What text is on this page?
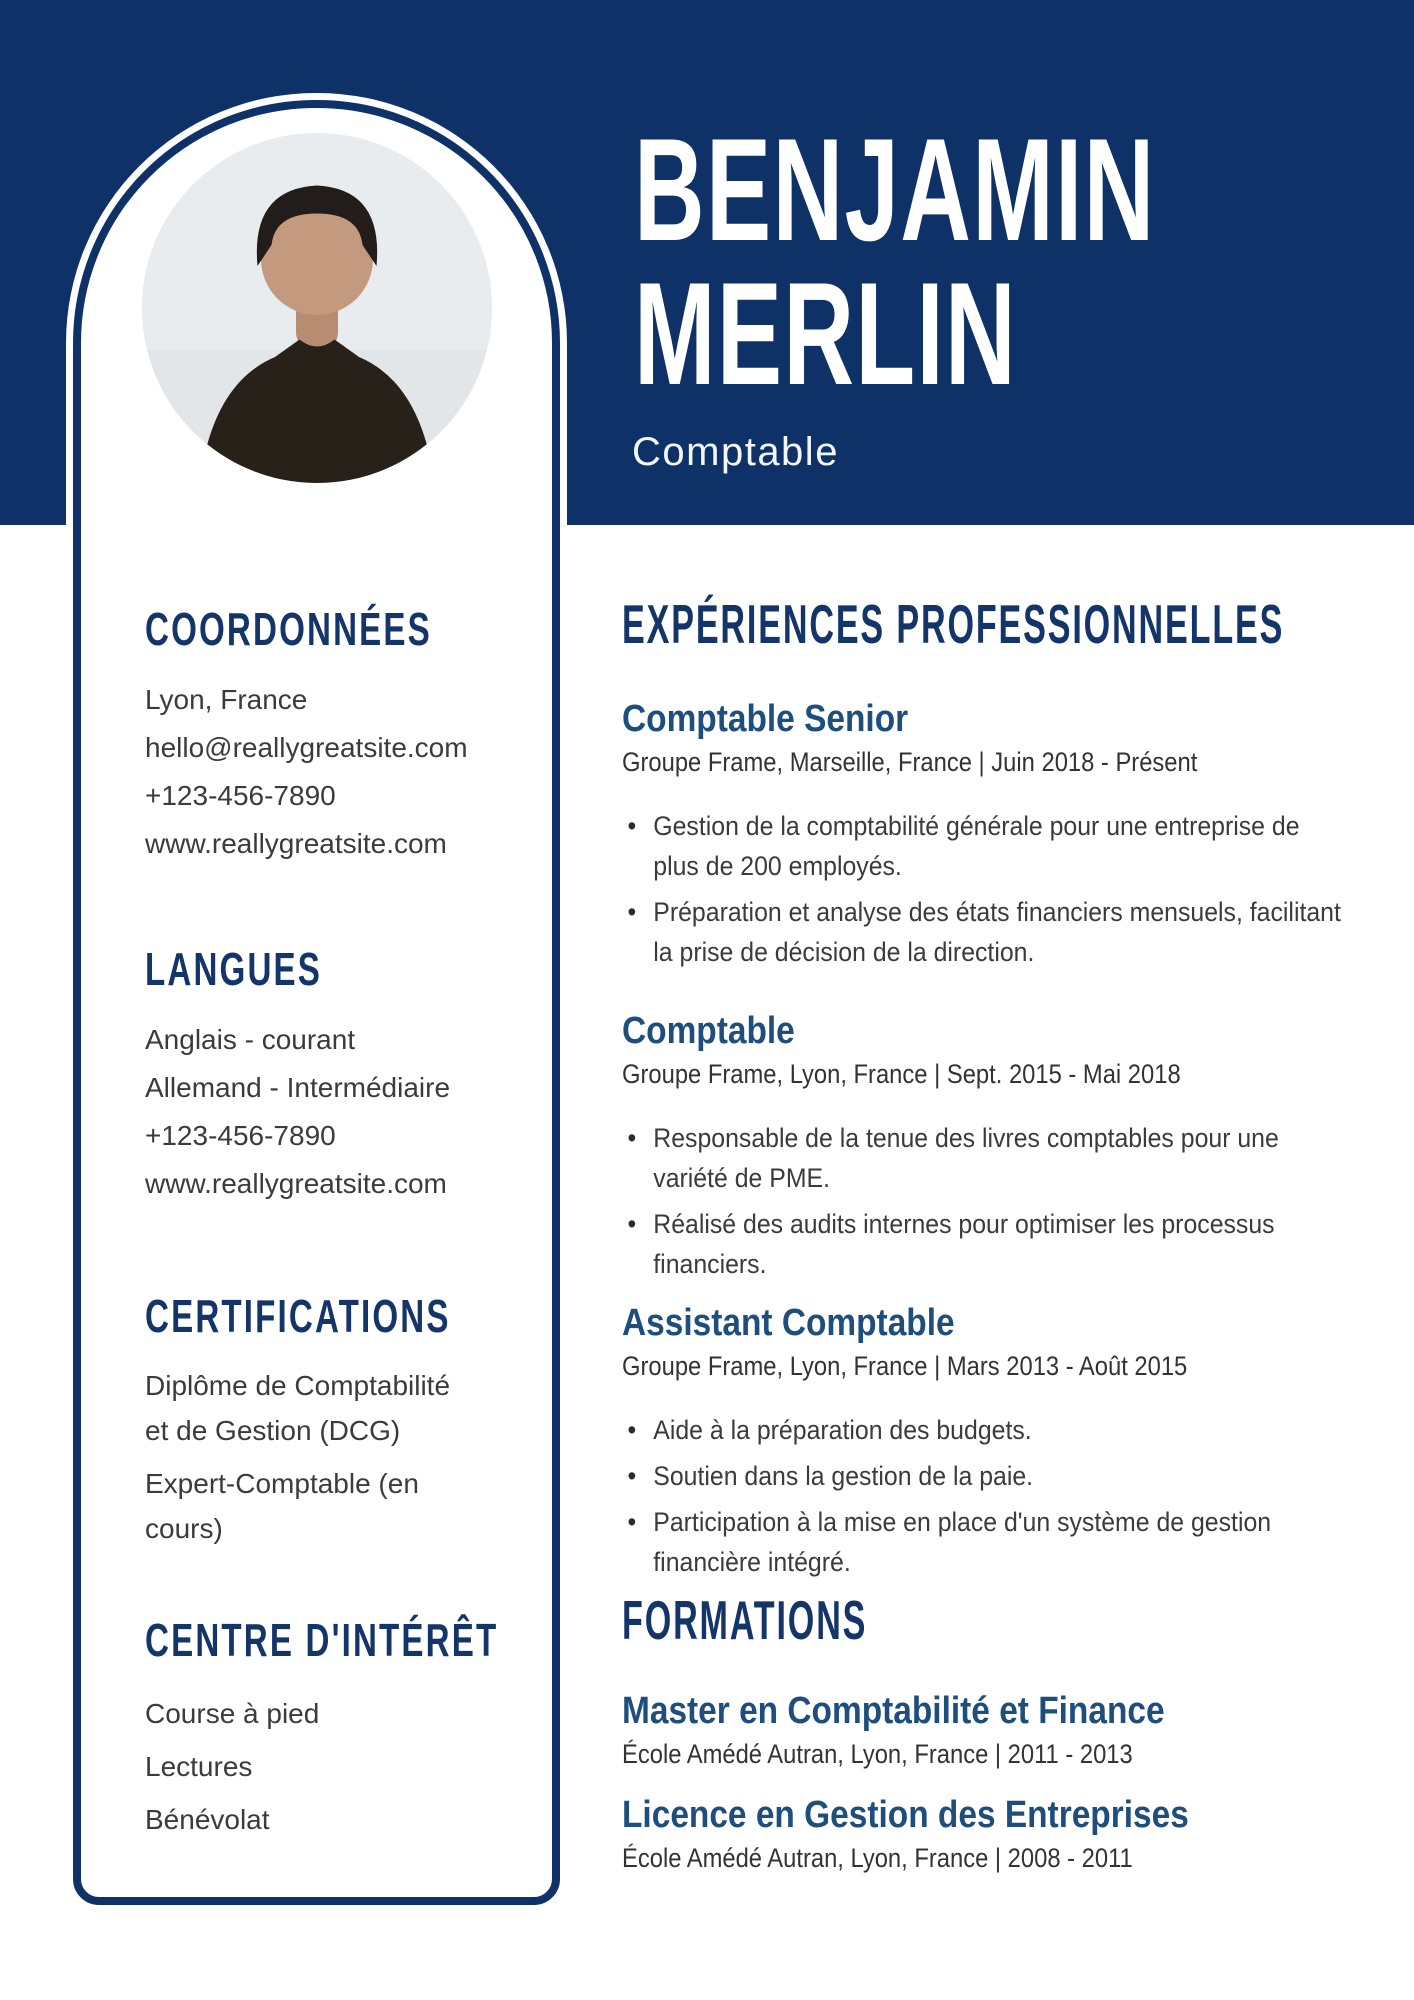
BENJAMIN
MERLIN
Comptable
COORDONNÉES
Lyon, France
hello@reallygreatsite.com
+123-456-7890
www.reallygreatsite.com
LANGUES
Anglais - courant
Allemand - Intermédiaire
+123-456-7890
www.reallygreatsite.com
CERTIFICATIONS
Diplôme de Comptabilité et de Gestion (DCG)
Expert-Comptable (en cours)
CENTRE D'INTÉRÊT
Course à pied
Lectures
Bénévolat
EXPÉRIENCES PROFESSIONNELLES

Comptable Senior

Groupe Frame, Marseille, France | Juin 2018 - Présent
• Gestion de la comptabilité générale pour une entreprise de plus de 200 employés.
• Préparation et analyse des états financiers mensuels, facilitant la prise de décision de la direction.

Comptable

Groupe Frame, Lyon, France | Sept. 2015 - Mai 2018
• Responsable de la tenue des livres comptables pour une variété de PME.
• Réalisé des audits internes pour optimiser les processus financiers.

Assistant Comptable

Groupe Frame, Lyon, France | Mars 2013 - Août 2015
• Aide à la préparation des budgets.
• Soutien dans la gestion de la paie.
• Participation à la mise en place d'un système de gestion financière intégré.
FORMATIONS

Master en Comptabilité et Finance

École Amédé Autran, Lyon, France | 2011 - 2013

Licence en Gestion des Entreprises

École Amédé Autran, Lyon, France | 2008 - 2011
